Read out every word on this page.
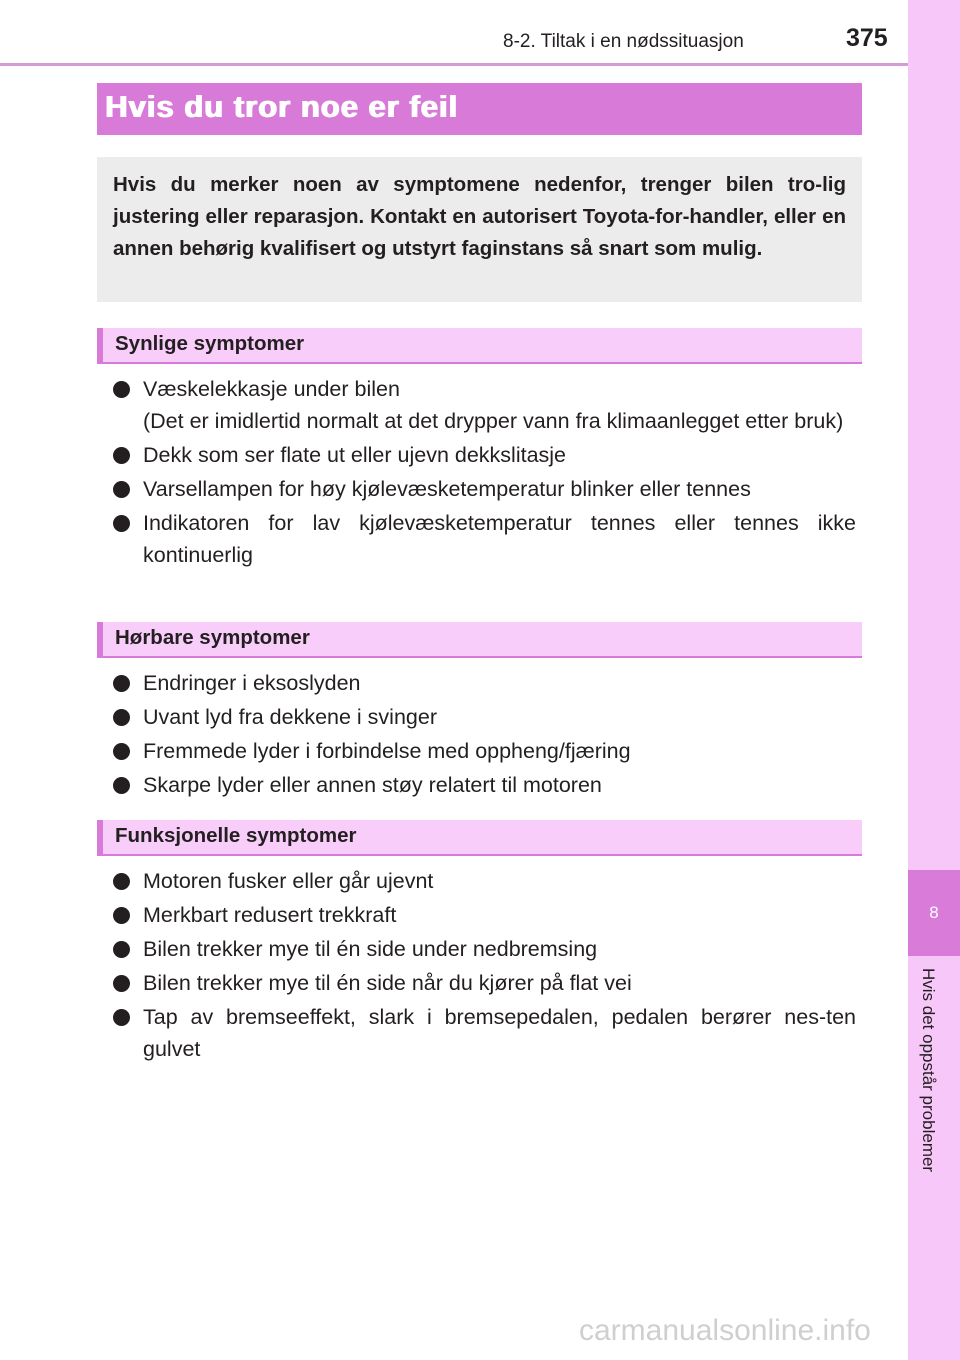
8-2. Tiltak i en nødssituasjon	375
8
Hvis det oppstår problemer
Hvis du tror noe er feil

Hvis du merker noen av symptomene nedenfor, trenger bilen tro-lig justering eller reparasjon. Kontakt en autorisert Toyota-for-handler, eller en annen behørig kvalifisert og utstyrt faginstans så snart som mulig.

Synlige symptomer
Væskelekkasje under bilen
(Det er imidlertid normalt at det drypper vann fra klimaanlegget etter bruk)
Dekk som ser flate ut eller ujevn dekkslitasje
Varsellampen for høy kjølevæsketemperatur blinker eller tennes
Indikatoren for lav kjølevæsketemperatur tennes eller tennes ikke kontinuerlig
Hørbare symptomer
Endringer i eksoslyden
Uvant lyd fra dekkene i svinger
Fremmede lyder i forbindelse med oppheng/fjæring
Skarpe lyder eller annen støy relatert til motoren
Funksjonelle symptomer
Motoren fusker eller går ujevnt
Merkbart redusert trekkraft
Bilen trekker mye til én side under nedbremsing
Bilen trekker mye til én side når du kjører på flat vei
Tap av bremseeffekt, slark i bremsepedalen, pedalen berører nes-ten gulvet
carmanualsonline.info
